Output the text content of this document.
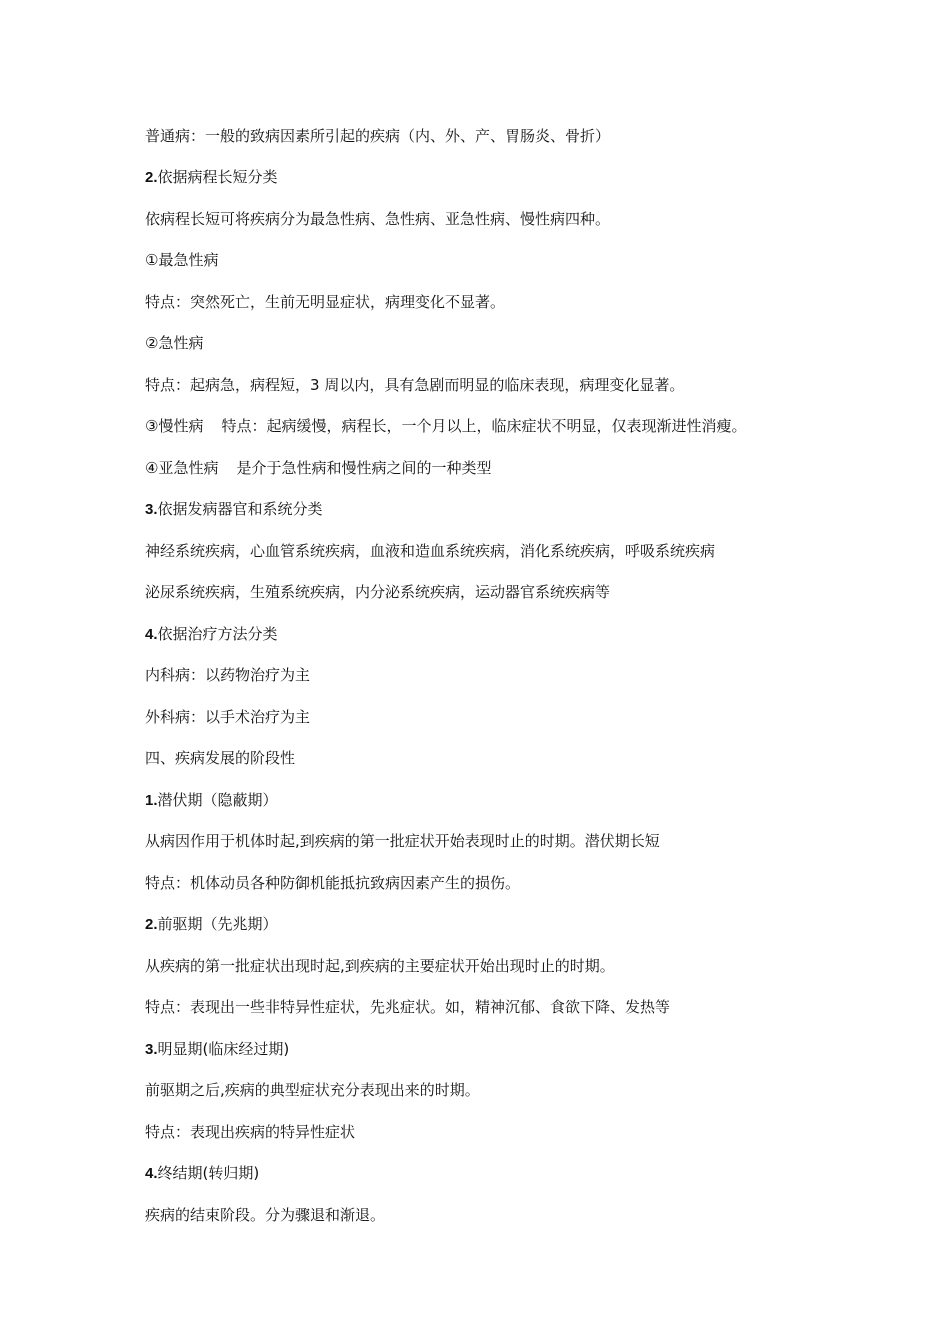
普通病：一般的致病因素所引起的疾病（内、外、产、胃肠炎、骨折）
2.依据病程长短分类
依病程长短可将疾病分为最急性病、急性病、亚急性病、慢性病四种。
①最急性病
特点：突然死亡，生前无明显症状，病理变化不显著。
②急性病
特点：起病急，病程短，3 周以内，具有急剧而明显的临床表现，病理变化显著。
③慢性病 特点：起病缓慢，病程长，一个月以上，临床症状不明显，仅表现渐进性消瘦。
④亚急性病 是介于急性病和慢性病之间的一种类型
3.依据发病器官和系统分类
神经系统疾病，心血管系统疾病，血液和造血系统疾病，消化系统疾病，呼吸系统疾病
泌尿系统疾病，生殖系统疾病，内分泌系统疾病，运动器官系统疾病等
4.依据治疗方法分类
内科病：以药物治疗为主
外科病：以手术治疗为主
四、疾病发展的阶段性
1.潜伏期（隐蔽期）
从病因作用于机体时起,到疾病的第一批症状开始表现时止的时期。潜伏期长短
特点：机体动员各种防御机能抵抗致病因素产生的损伤。
2.前驱期（先兆期）
从疾病的第一批症状出现时起,到疾病的主要症状开始出现时止的时期。
特点：表现出一些非特异性症状，先兆症状。如，精神沉郁、食欲下降、发热等
3.明显期(临床经过期)
前驱期之后,疾病的典型症状充分表现出来的时期。
特点：表现出疾病的特异性症状
4.终结期(转归期)
疾病的结束阶段。分为骤退和渐退。
